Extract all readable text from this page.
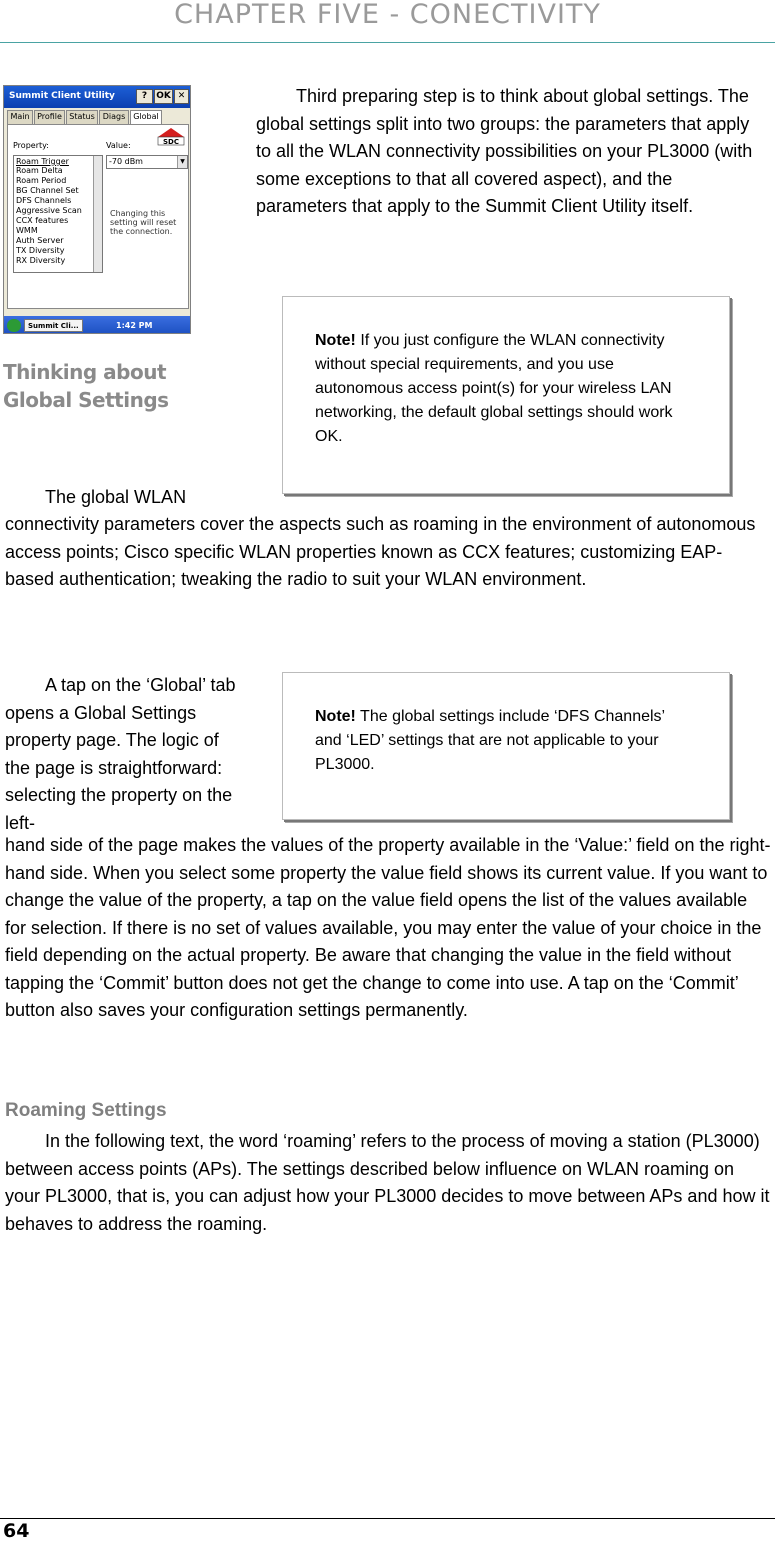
CHAPTER FIVE - CONECTIVITY
Summit Client Utility	?	OK ✕
Main Profile Status Diags Global
Property:	Value:	SDC
Roam Trigger
Roam Delta
Roam Period
BG Channel Set
DFS Channels
Aggressive Scan
CCX features
WMM
Auth Server
TX Diversity
RX Diversity
-70 dBm	▼
Changing this setting will reset the connection.
Summit Cli...	1:42 PM
Thinking about Global Settings
Third preparing step is to think about global settings. The global settings split into two groups: the parameters that apply to all the WLAN connectivity possibilities on your PL3000 (with some exceptions to that all covered aspect), and the parameters that apply to the Summit Client Utility itself.
Note! If you just configure the WLAN connectivity without special requirements, and you use autonomous access point(s) for your wireless LAN networking, the default global settings should work OK.
The global WLAN
connectivity parameters cover the aspects such as roaming in the environment of autonomous access points; Cisco specific WLAN properties known as CCX features; customizing EAP-based authentication; tweaking the radio to suit your WLAN environment.
A tap on the ‘Global’ tab opens a Global Settings property page. The logic of the page is straightforward: selecting the property on the left-
Note! The global settings include ‘DFS Channels’ and ‘LED’ settings that are not applicable to your PL3000.
hand side of the page makes the values of the property available in the ‘Value:’ field on the right-hand side. When you select some property the value field shows its current value. If you want to change the value of the property, a tap on the value field opens the list of the values available for selection. If there is no set of values available, you may enter the value of your choice in the field depending on the actual property. Be aware that changing the value in the field without tapping the ‘Commit’ button does not get the change to come into use. A tap on the ‘Commit’ button also saves your configuration settings permanently.
Roaming Settings
In the following text, the word ‘roaming’ refers to the process of moving a station (PL3000) between access points (APs). The settings described below influence on WLAN roaming on your PL3000, that is, you can adjust how your PL3000 decides to move between APs and how it behaves to address the roaming.
64
